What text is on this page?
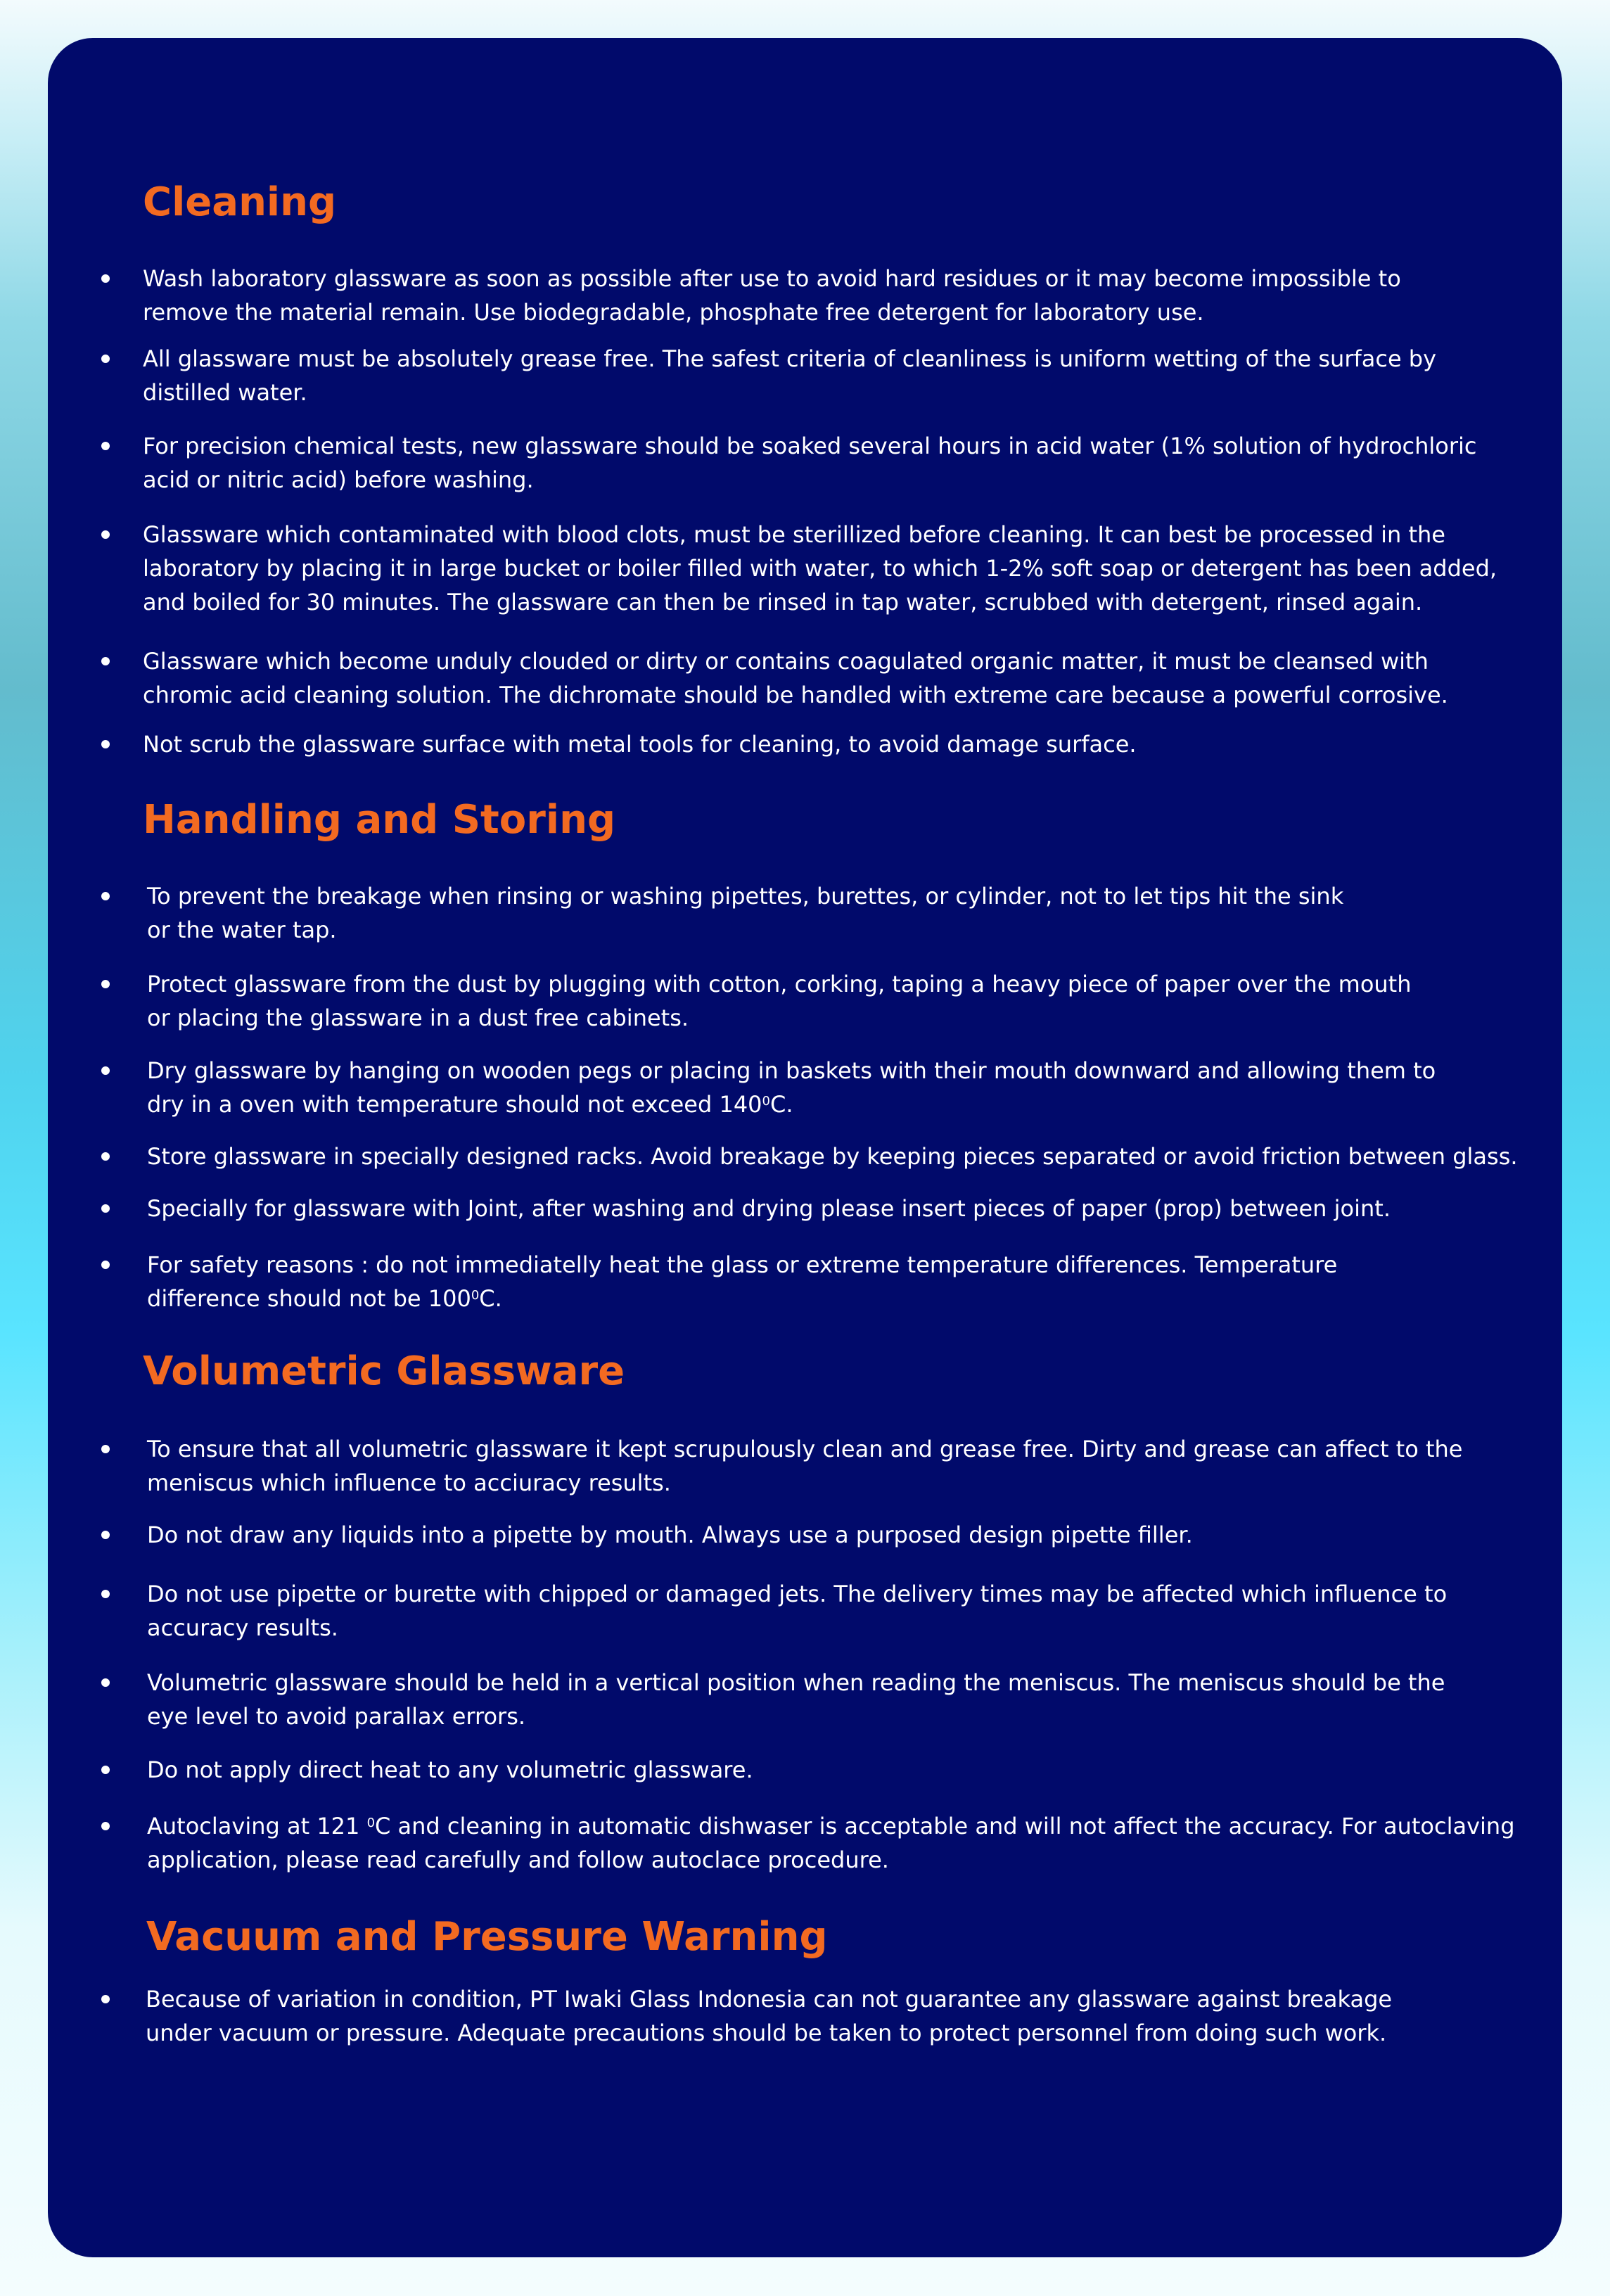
Cleaning
Wash laboratory glassware as soon as possible after use to avoid hard residues or it may become impossible to
remove the material remain. Use biodegradable, phosphate free detergent for laboratory use.
All glassware must be absolutely grease free. The safest criteria of cleanliness is uniform wetting of the surface by
distilled water.
For precision chemical tests, new glassware should be soaked several hours in acid water (1% solution of hydrochloric
acid or nitric acid) before washing.
Glassware which contaminated with blood clots, must be sterillized before cleaning. It can best be processed in the
laboratory by placing it in large bucket or boiler filled with water, to which 1-2% soft soap or detergent has been added,
and boiled for 30 minutes. The glassware can then be rinsed in tap water, scrubbed with detergent, rinsed again.
Glassware which become unduly clouded or dirty or contains coagulated organic matter, it must be cleansed with
chromic acid cleaning solution. The dichromate should be handled with extreme care because a powerful corrosive.
Not scrub the glassware surface with metal tools for cleaning, to avoid damage surface.
Handling and Storing
To prevent the breakage when rinsing or washing pipettes, burettes, or cylinder, not to let tips hit the sink
or the water tap.
Protect glassware from the dust by plugging with cotton, corking, taping a heavy piece of paper over the mouth
or placing the glassware in a dust free cabinets.
Dry glassware by hanging on wooden pegs or placing in baskets with their mouth downward and allowing them to
dry in a oven with temperature should not exceed $140^0C$.
Store glassware in specially designed racks. Avoid breakage by keeping pieces separated or avoid friction between glass.
Specially for glassware with Joint, after washing and drying please insert pieces of paper (prop) between joint.
For safety reasons : do not immediatelly heat the glass or extreme temperature differences. Temperature
difference should not be $100^0C$.
Volumetric Glassware
To ensure that all volumetric glassware it kept scrupulously clean and grease free. Dirty and grease can affect to the
meniscus which influence to acciuracy results.
Do not draw any liquids into a pipette by mouth. Always use a purposed design pipette filler.
Do not use pipette or burette with chipped or damaged jets. The delivery times may be affected which influence to
accuracy results.
Volumetric glassware should be held in a vertical position when reading the meniscus. The meniscus should be the
eye level to avoid parallax errors.
Do not apply direct heat to any volumetric glassware.
Autoclaving at 121 $^0$C and cleaning in automatic dishwaser is acceptable and will not affect the accuracy. For autoclaving
application, please read carefully and follow autoclace procedure.
Vacuum and Pressure Warning
Because of variation in condition, PT Iwaki Glass Indonesia can not guarantee any glassware against breakage
under vacuum or pressure. Adequate precautions should be taken to protect personnel from doing such work.
